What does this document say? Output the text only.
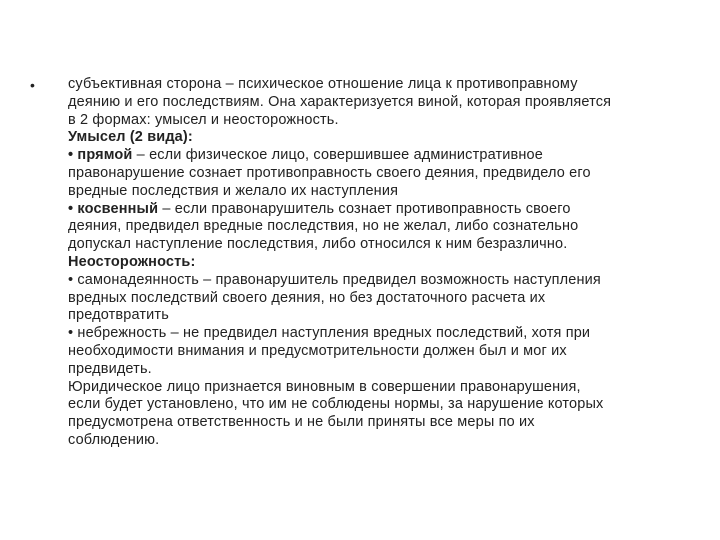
• субъективная сторона – психическое отношение лица к противоправному
деянию и его последствиям. Она характеризуется виной, которая проявляется
в 2 формах: умысел и неосторожность.
Умысел (2 вида):
• прямой – если физическое лицо, совершившее административное
правонарушение сознает противоправность своего деяния, предвидело его
вредные последствия и желало их наступления
• косвенный – если правонарушитель сознает противоправность своего
деяния, предвидел вредные последствия, но не желал, либо сознательно
допускал наступление последствия, либо относился к ним безразлично.
Неосторожность:
• самонадеянность – правонарушитель предвидел возможность наступления
вредных последствий своего деяния, но без достаточного расчета их
предотвратить
• небрежность – не предвидел наступления вредных последствий, хотя при
необходимости внимания и предусмотрительности должен был и мог их
предвидеть.
Юридическое лицо признается виновным в совершении правонарушения,
если будет установлено, что им не соблюдены нормы, за нарушение которых
предусмотрена ответственность и не были приняты все меры по их
соблюдению.
